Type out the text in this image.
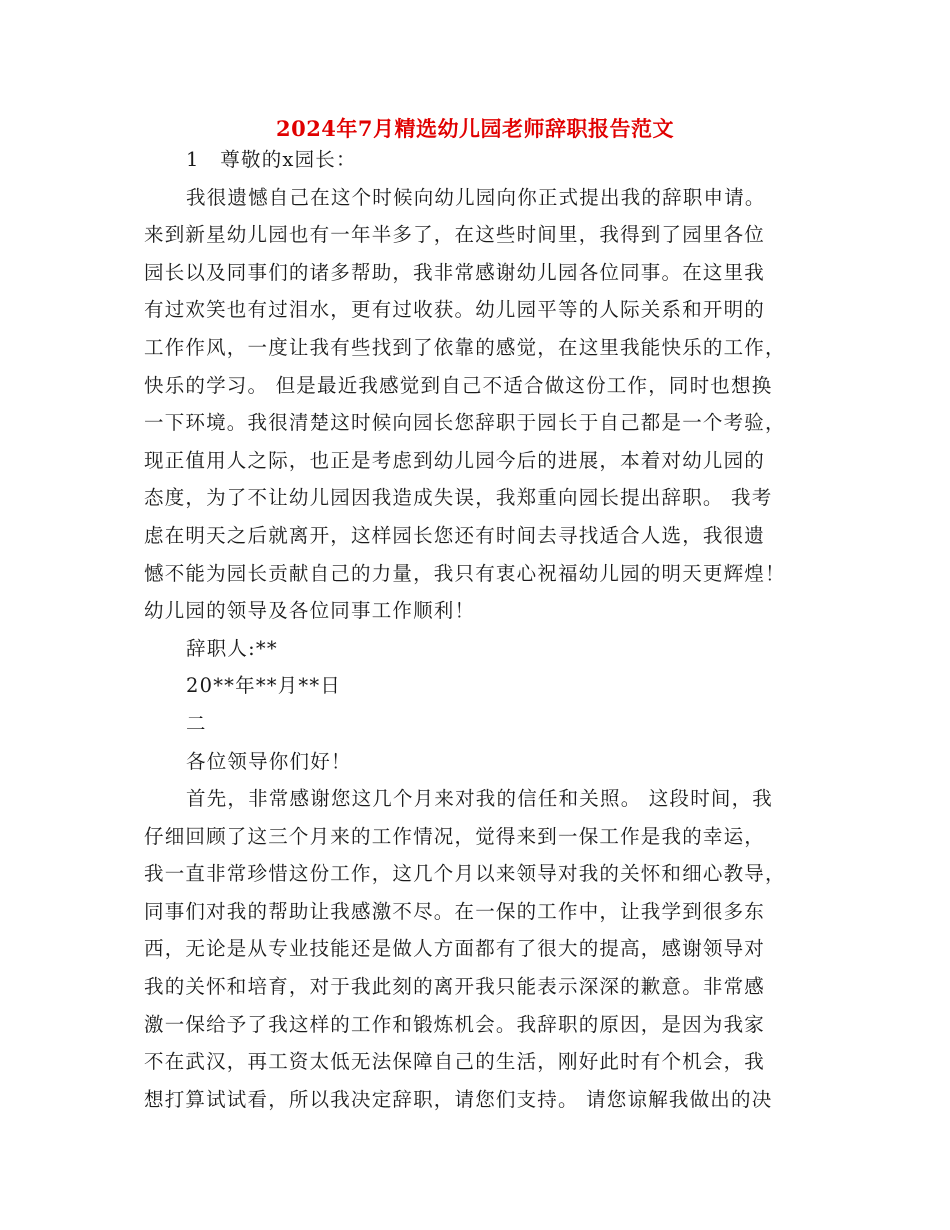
2024年7月精选幼儿园老师辞职报告范文
1　尊敬的x园长：
我很遗憾自己在这个时候向幼儿园向你正式提出我的辞职申请。
来到新星幼儿园也有一年半多了，在这些时间里，我得到了园里各位
园长以及同事们的诸多帮助，我非常感谢幼儿园各位同事。在这里我
有过欢笑也有过泪水，更有过收获。幼儿园平等的人际关系和开明的
工作作风，一度让我有些找到了依靠的感觉，在这里我能快乐的工作，
快乐的学习。 但是最近我感觉到自己不适合做这份工作，同时也想换
一下环境。我很清楚这时候向园长您辞职于园长于自己都是一个考验，
现正值用人之际，也正是考虑到幼儿园今后的进展，本着对幼儿园的
态度，为了不让幼儿园因我造成失误，我郑重向园长提出辞职。 我考
虑在明天之后就离开，这样园长您还有时间去寻找适合人选，我很遗
憾不能为园长贡献自己的力量，我只有衷心祝福幼儿园的明天更辉煌！
幼儿园的领导及各位同事工作顺利！
辞职人:**
20**年**月**日
二
各位领导你们好！
首先，非常感谢您这几个月来对我的信任和关照。 这段时间，我
仔细回顾了这三个月来的工作情况，觉得来到一保工作是我的幸运，
我一直非常珍惜这份工作，这几个月以来领导对我的关怀和细心教导，
同事们对我的帮助让我感激不尽。在一保的工作中，让我学到很多东
西，无论是从专业技能还是做人方面都有了很大的提高，感谢领导对
我的关怀和培育，对于我此刻的离开我只能表示深深的歉意。非常感
激一保给予了我这样的工作和锻炼机会。我辞职的原因，是因为我家
不在武汉，再工资太低无法保障自己的生活，刚好此时有个机会，我
想打算试试看，所以我决定辞职，请您们支持。 请您谅解我做出的决
